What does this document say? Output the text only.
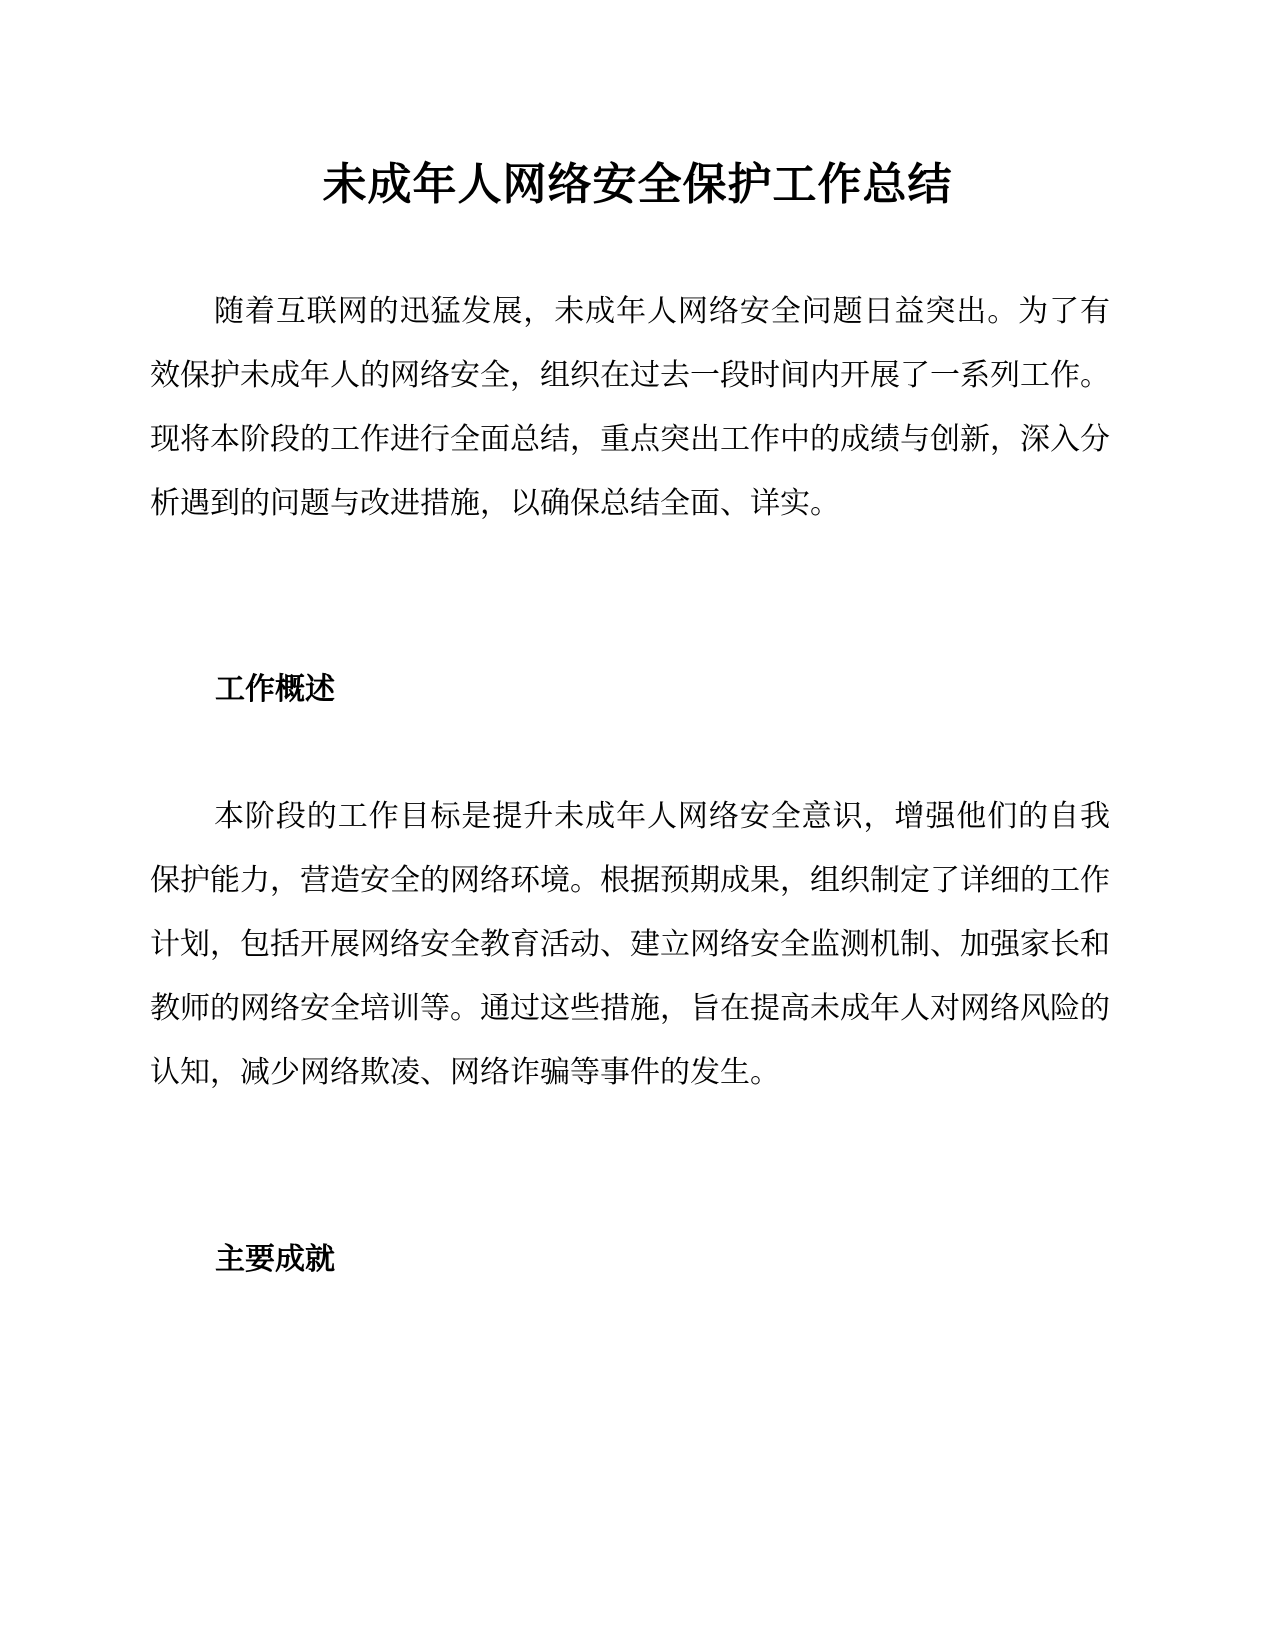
未成年人网络安全保护工作总结

随着互联网的迅猛发展，未成年人网络安全问题日益突出。为了有效保护未成年人的网络安全，组织在过去一段时间内开展了一系列工作。现将本阶段的工作进行全面总结，重点突出工作中的成绩与创新，深入分析遇到的问题与改进措施，以确保总结全面、详实。

工作概述

本阶段的工作目标是提升未成年人网络安全意识，增强他们的自我保护能力，营造安全的网络环境。根据预期成果，组织制定了详细的工作计划，包括开展网络安全教育活动、建立网络安全监测机制、加强家长和教师的网络安全培训等。通过这些措施，旨在提高未成年人对网络风险的认知，减少网络欺凌、网络诈骗等事件的发生。

主要成就
